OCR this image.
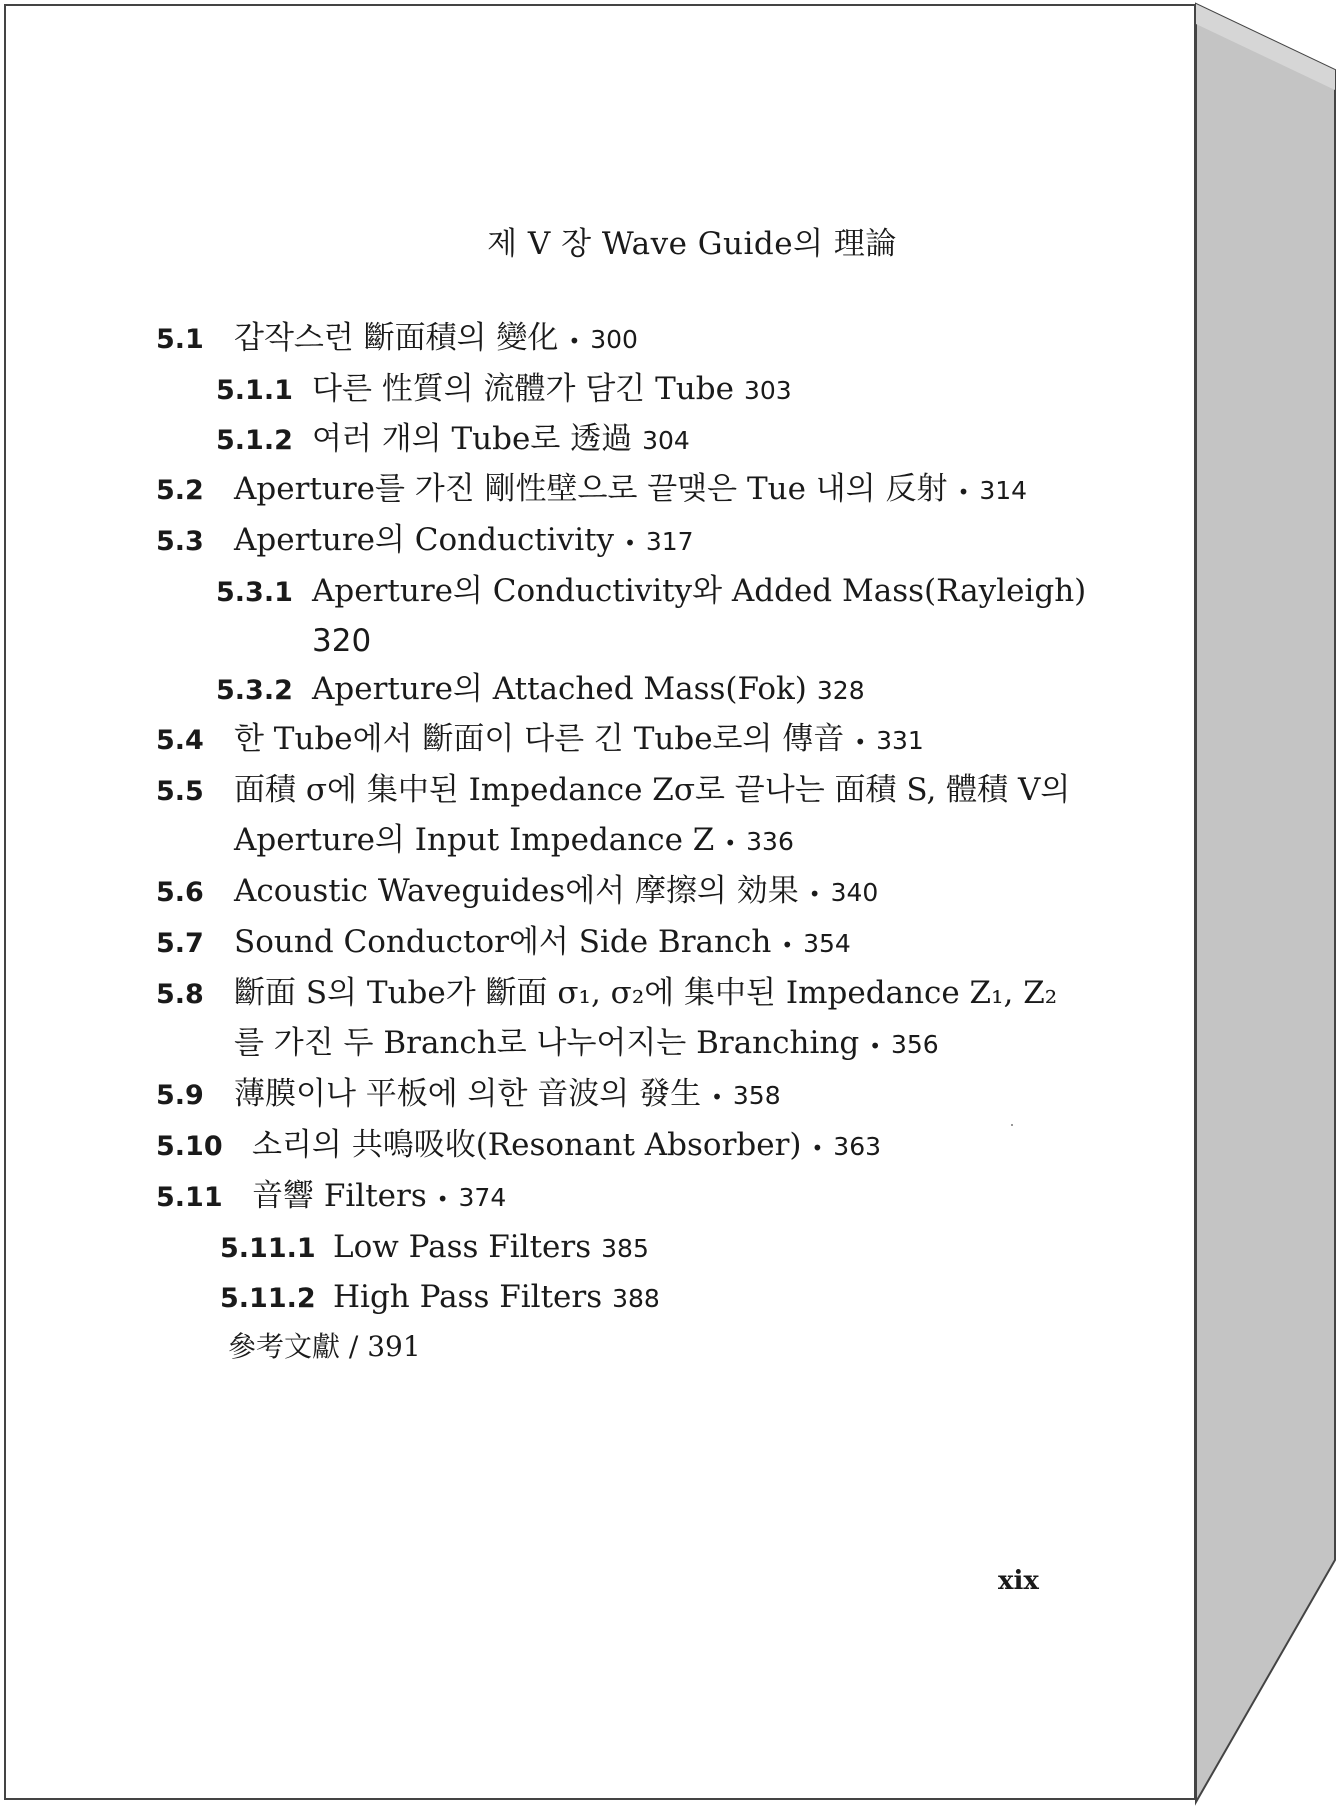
제 V 장 Wave Guide의 理論
5.1 갑작스런 斷面積의 變化 • 300
5.1.1 다른 性質의 流體가 담긴 Tube 303
5.1.2 여러 개의 Tube로 透過 304
5.2 Aperture를 가진 剛性壁으로 끝맺은 Tue 내의 反射 • 314
5.3 Aperture의 Conductivity • 317
5.3.1 Aperture의 Conductivity와 Added Mass(Rayleigh)
320
5.3.2 Aperture의 Attached Mass(Fok) 328
5.4 한 Tube에서 斷面이 다른 긴 Tube로의 傳音 • 331
5.5 面積 σ에 集中된 Impedance Zσ로 끝나는 面積 S, 體積 V의
Aperture의 Input Impedance Z • 336
5.6 Acoustic Waveguides에서 摩擦의 効果 • 340
5.7 Sound Conductor에서 Side Branch • 354
5.8 斷面 S의 Tube가 斷面 σ₁, σ₂에 集中된 Impedance Z₁, Z₂
를 가진 두 Branch로 나누어지는 Branching • 356
5.9 薄膜이나 平板에 의한 音波의 發生 • 358
5.10 소리의 共鳴吸收(Resonant Absorber) • 363
5.11 音響 Filters • 374
5.11.1 Low Pass Filters 385
5.11.2 High Pass Filters 388
參考文獻 / 391
xix
